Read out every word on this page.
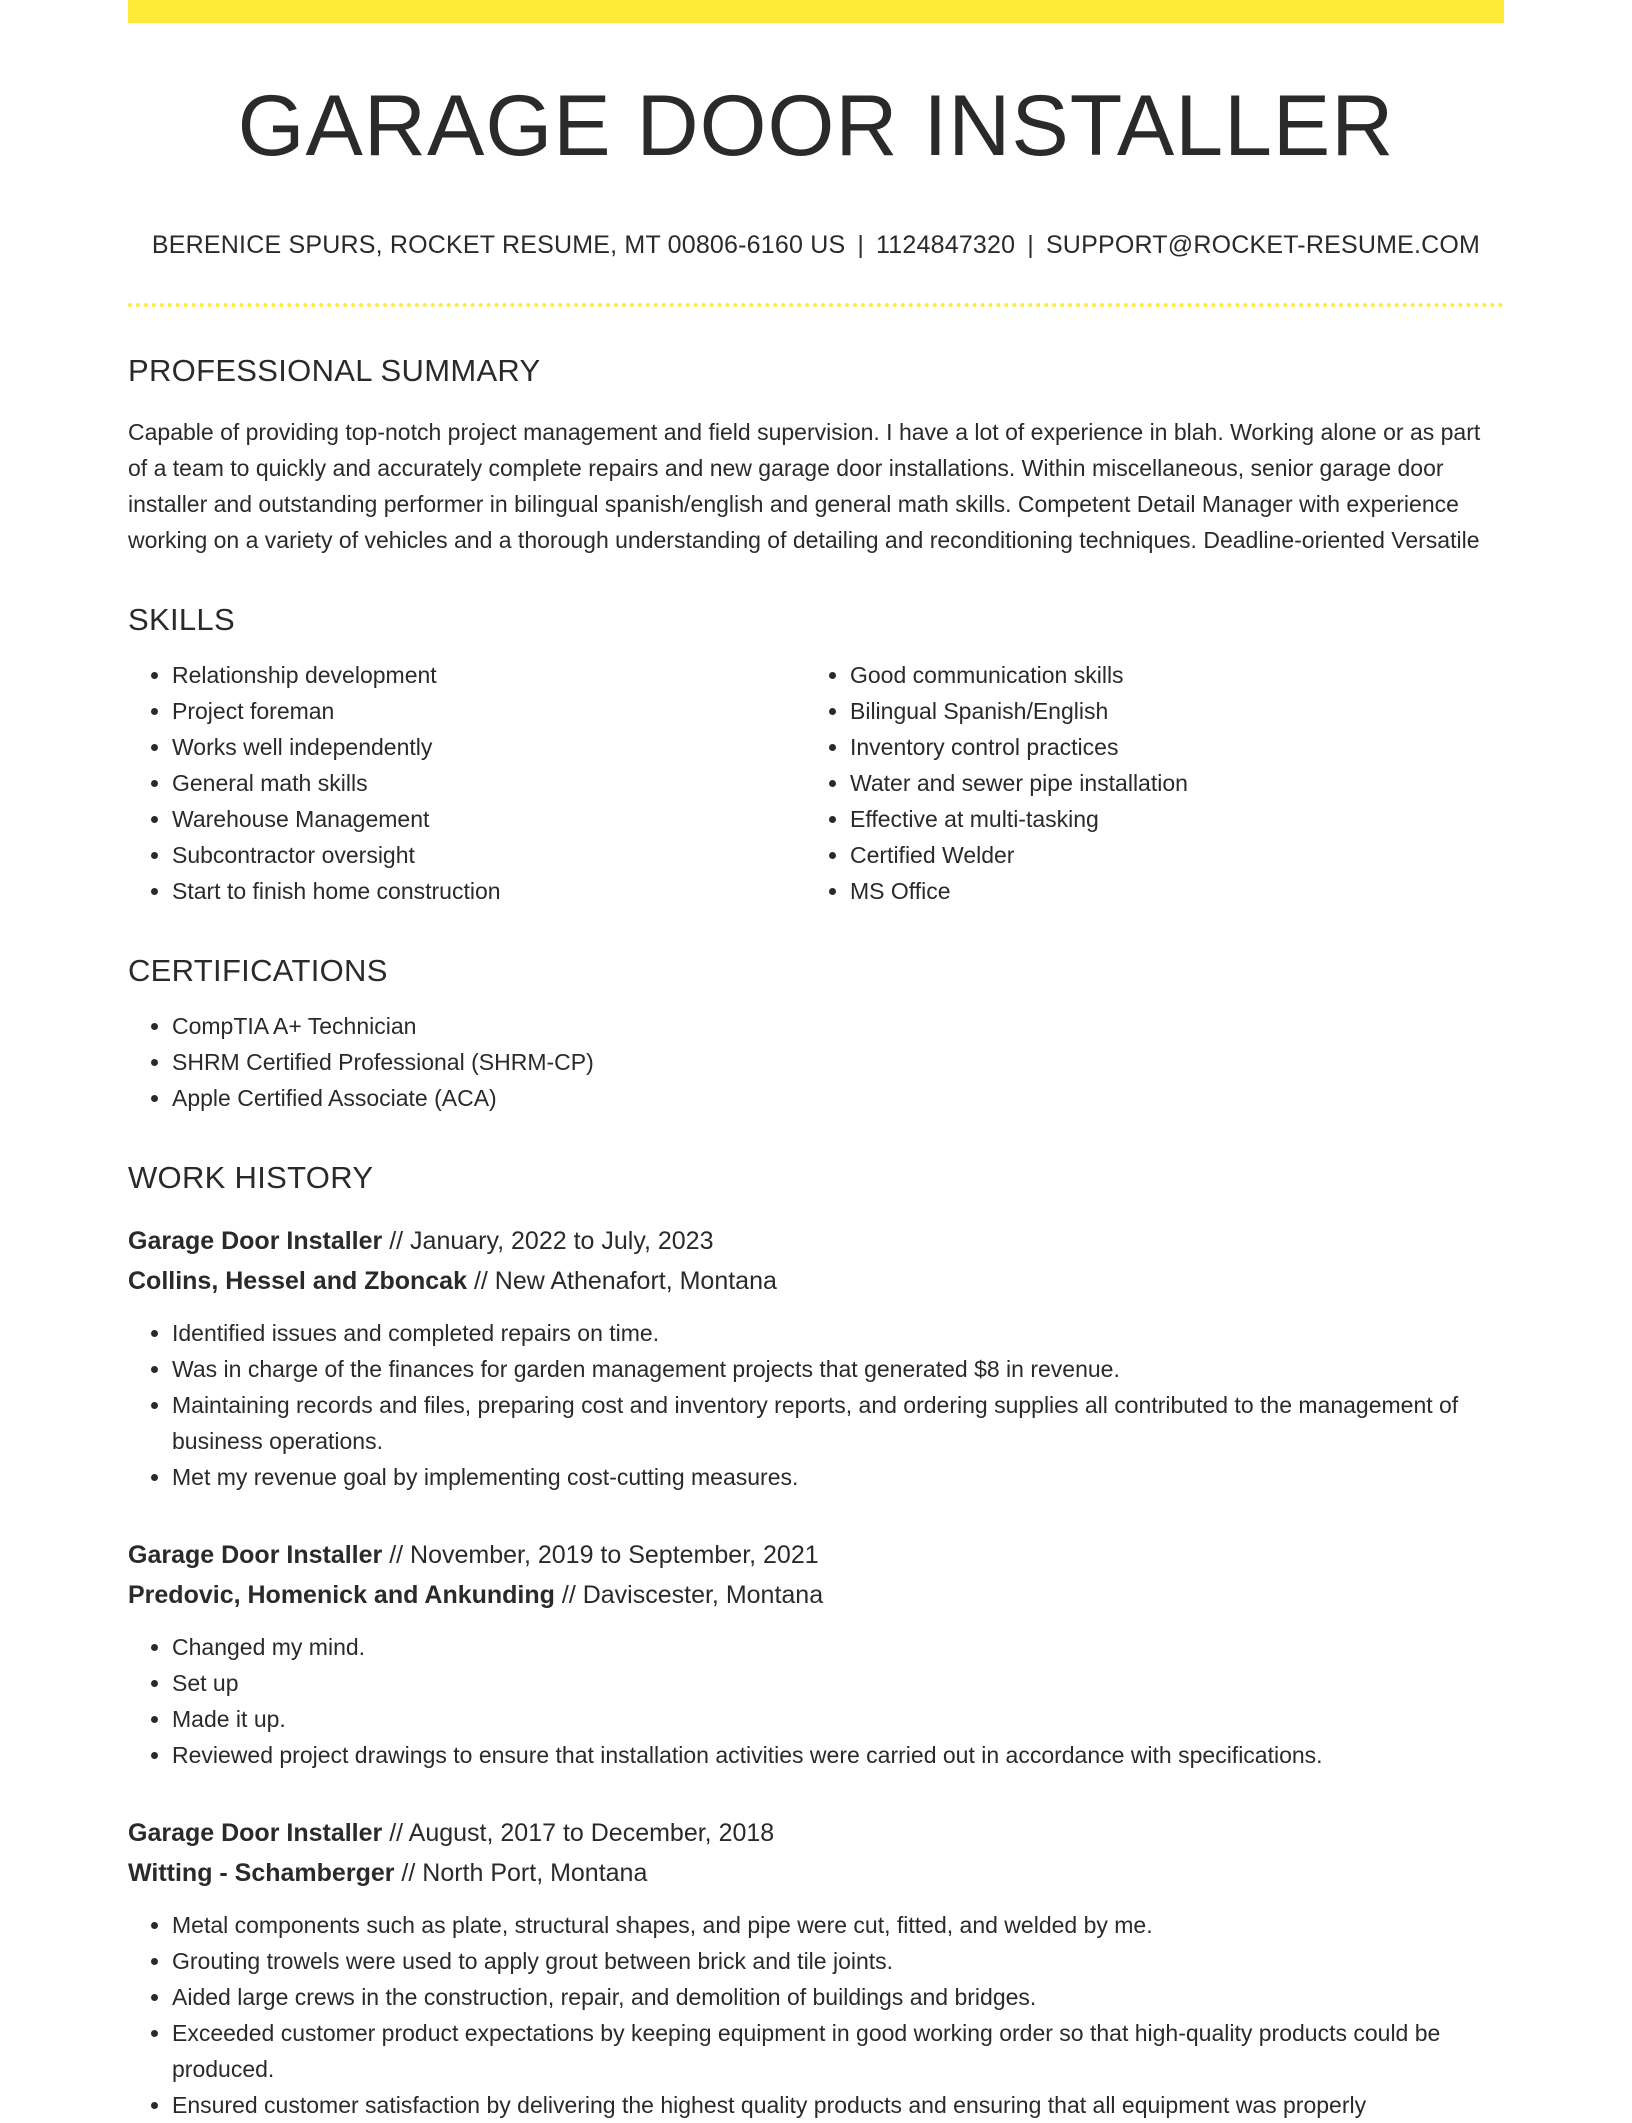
GARAGE DOOR INSTALLER
BERENICE SPURS, ROCKET RESUME, MT 00806-6160 US | 1124847320 | SUPPORT@ROCKET-RESUME.COM
PROFESSIONAL SUMMARY

Capable of providing top-notch project management and field supervision. I have a lot of experience in blah. Working alone or as part of a team to quickly and accurately complete repairs and new garage door installations. Within miscellaneous, senior garage door installer and outstanding performer in bilingual spanish/english and general math skills. Competent Detail Manager with experience working on a variety of vehicles and a thorough understanding of detailing and reconditioning techniques. Deadline-oriented Versatile

SKILLS
• Relationship development
• Project foreman
• Works well independently
• General math skills
• Warehouse Management
• Subcontractor oversight
• Start to finish home construction
• Good communication skills
• Bilingual Spanish/English
• Inventory control practices
• Water and sewer pipe installation
• Effective at multi-tasking
• Certified Welder
• MS Office
CERTIFICATIONS
• CompTIA A+ Technician
• SHRM Certified Professional (SHRM-CP)
• Apple Certified Associate (ACA)
WORK HISTORY
Garage Door Installer // January, 2022 to July, 2023
Collins, Hessel and Zboncak // New Athenafort, Montana
• Identified issues and completed repairs on time.
• Was in charge of the finances for garden management projects that generated $8 in revenue.
• Maintaining records and files, preparing cost and inventory reports, and ordering supplies all contributed to the management of business operations.
• Met my revenue goal by implementing cost-cutting measures.
Garage Door Installer // November, 2019 to September, 2021
Predovic, Homenick and Ankunding // Daviscester, Montana
• Changed my mind.
• Set up
• Made it up.
• Reviewed project drawings to ensure that installation activities were carried out in accordance with specifications.
Garage Door Installer // August, 2017 to December, 2018
Witting - Schamberger // North Port, Montana
• Metal components such as plate, structural shapes, and pipe were cut, fitted, and welded by me.
• Grouting trowels were used to apply grout between brick and tile joints.
• Aided large crews in the construction, repair, and demolition of buildings and bridges.
• Exceeded customer product expectations by keeping equipment in good working order so that high-quality products could be produced.
• Ensured customer satisfaction by delivering the highest quality products and ensuring that all equipment was properly
